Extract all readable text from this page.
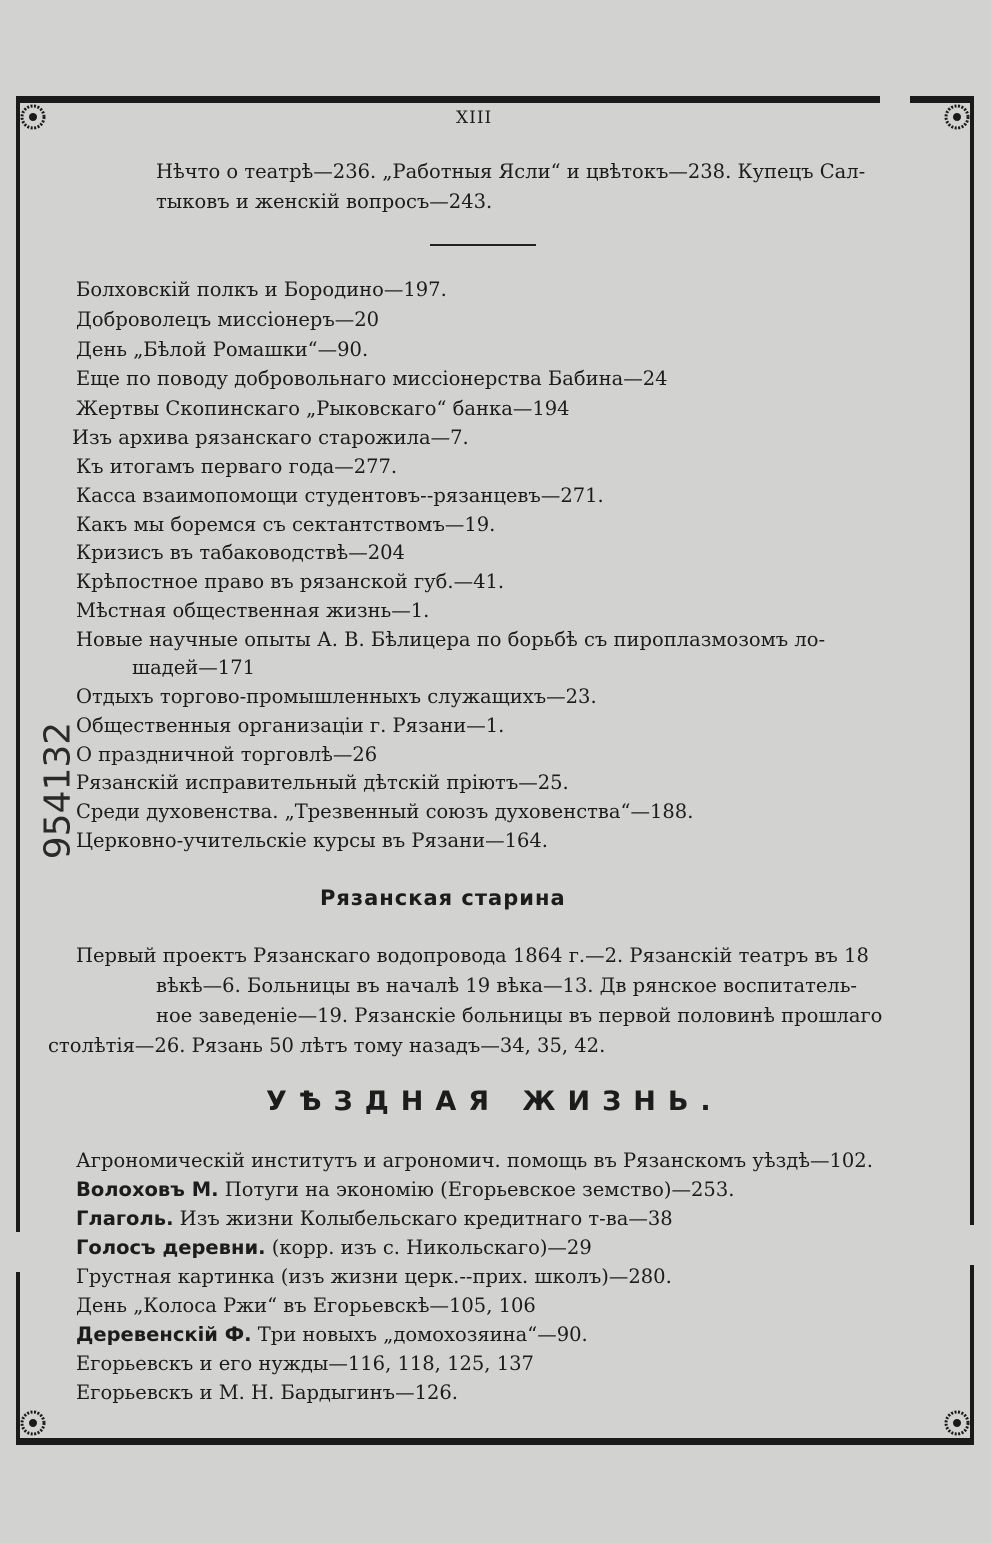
XIII
Нѣчто о театрѣ—236. „Работныя Ясли“ и цвѣтокъ—238. Купецъ Сал-
тыковъ и женскій вопросъ—243.
Болховскій полкъ и Бородино—197.
Доброволецъ миссіонеръ—20
День „Бѣлой Ромашки“—90.
Еще по поводу добровольнаго миссіонерства Бабина—24
Жертвы Скопинскаго „Рыковскаго“ банка—194
Изъ архива рязанскаго старожила—7.
Къ итогамъ перваго года—277.
Касса взаимопомощи студентовъ--рязанцевъ—271.
Какъ мы боремся съ сектантствомъ—19.
Кризисъ въ табаководствѣ—204
Крѣпостное право въ рязанской губ.—41.
Мѣстная общественная жизнь—1.
Новые научные опыты А. В. Бѣлицера по борьбѣ съ пироплазмозомъ ло-
шадей—171
Отдыхъ торгово-промышленныхъ служащихъ—23.
Общественныя организаціи г. Рязани—1.
О праздничной торговлѣ—26
Рязанскій исправительный дѣтскій пріютъ—25.
Среди духовенства. „Трезвенный союзъ духовенства“—188.
Церковно-учительскіе курсы въ Рязани—164.
Рязанская старина
Первый проектъ Рязанскаго водопровода 1864 г.—2. Рязанскій театръ въ 18
вѣкѣ—6. Больницы въ началѣ 19 вѣка—13. Дв рянское воспитатель-
ное заведеніе—19. Рязанскіе больницы въ первой половинѣ прошлаго
столѣтія—26. Рязань 50 лѣтъ тому назадъ—34, 35, 42.
УѢЗДНАЯ ЖИЗНЬ.
Агрономическій институтъ и агрономич. помощь въ Рязанскомъ уѣздѣ—102.
Волоховъ М. Потуги на экономію (Егорьевское земство)—253.
Глаголь. Изъ жизни Колыбельскаго кредитнаго т-ва—38
Голосъ деревни. (корр. изъ с. Никольскаго)—29
Грустная картинка (изъ жизни церк.--прих. школъ)—280.
День „Колоса Ржи“ въ Егорьевскѣ—105, 106
Деревенскій Ф. Три новыхъ „домохозяина“—90.
Егорьевскъ и его нужды—116, 118, 125, 137
Егорьевскъ и М. Н. Бардыгинъ—126.
954132
